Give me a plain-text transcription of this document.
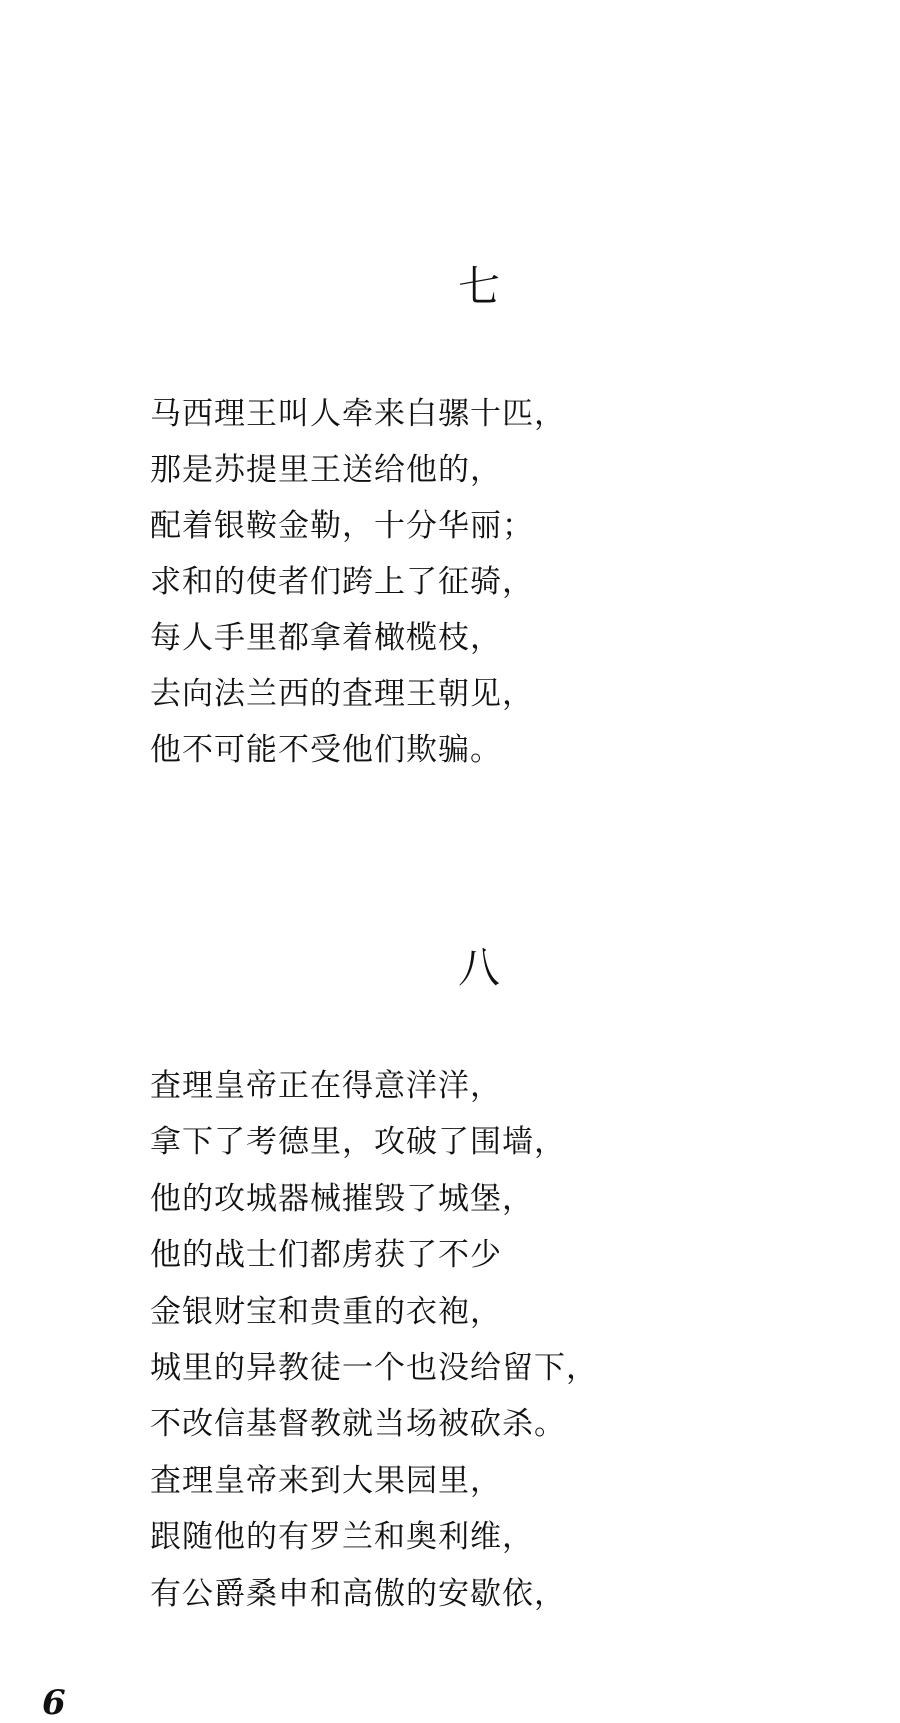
七
马西理王叫人牵来白骡十匹，
那是苏提里王送给他的，
配着银鞍金勒，十分华丽；
求和的使者们跨上了征骑，
每人手里都拿着橄榄枝，
去向法兰西的査理王朝见，
他不可能不受他们欺骗。
八
査理皇帝正在得意洋洋，
拿下了考德里，攻破了围墙，
他的攻城器械摧毁了城堡，
他的战士们都虏获了不少
金银财宝和贵重的衣袍，
城里的异教徒一个也没给留下，
不改信基督教就当场被砍杀。
査理皇帝来到大果园里，
跟随他的有罗兰和奥利维，
有公爵桑申和高傲的安歇依，
6
